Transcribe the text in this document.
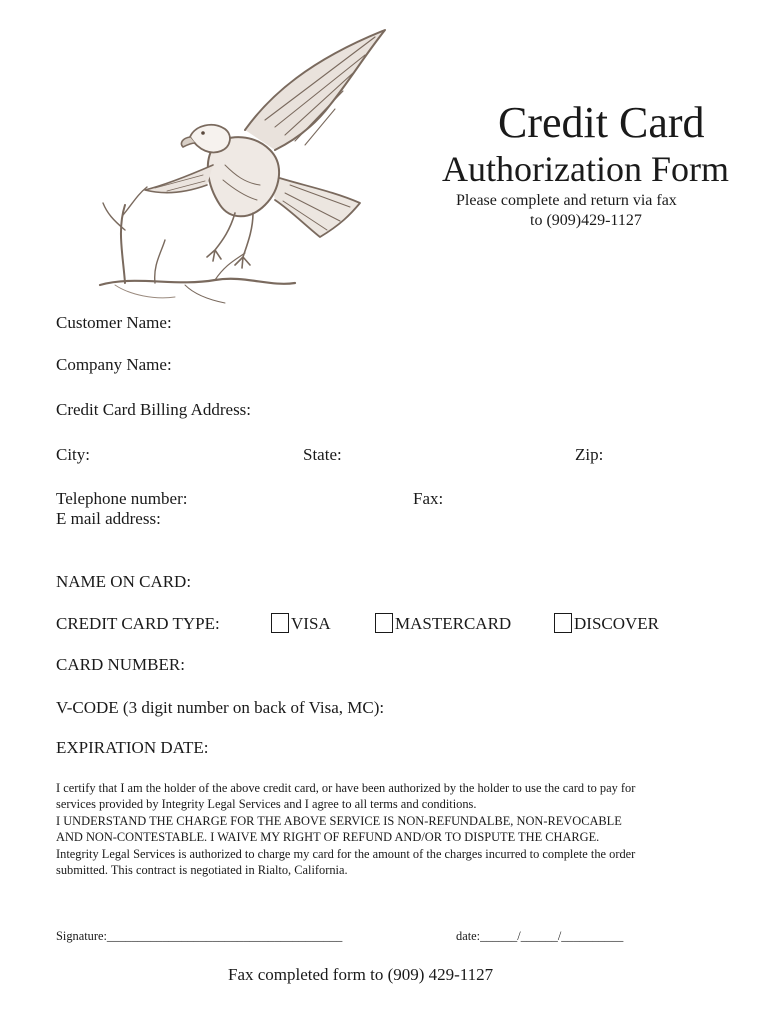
Credit Card
Authorization Form
Please complete and return via fax
to (909)429-1127
Customer Name:
Company Name:
Credit Card Billing Address:
City:	State:	Zip:
Telephone number:	Fax:
E mail address:
NAME ON CARD:
CREDIT CARD TYPE:	VISA	MASTERCARD	DISCOVER
CARD NUMBER:
V-CODE (3 digit number on back of Visa, MC):
EXPIRATION DATE:
I certify that I am the holder of the above credit card, or have been authorized by the holder to use the card to pay for
services provided by Integrity Legal Services and I agree to all terms and conditions.
I UNDERSTAND THE CHARGE FOR THE ABOVE SERVICE IS NON-REFUNDALBE, NON-REVOCABLE
AND NON-CONTESTABLE. I WAIVE MY RIGHT OF REFUND AND/OR TO DISPUTE THE CHARGE.
Integrity Legal Services is authorized to charge my card for the amount of the charges incurred to complete the order
submitted. This contract is negotiated in Rialto, California.
Signature:______________________________________	date:______/______/__________
Fax completed form to (909) 429-1127
